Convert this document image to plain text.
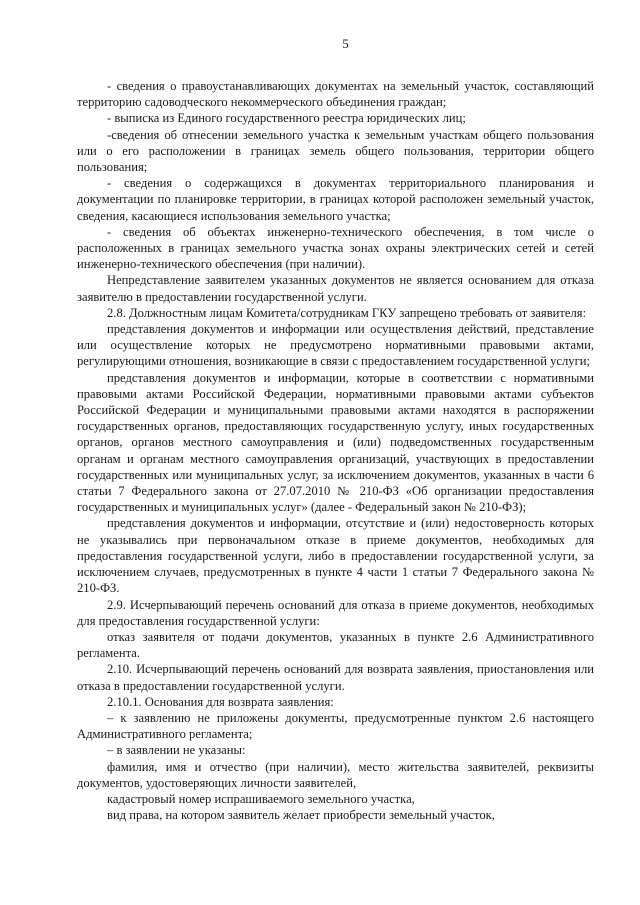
5

- сведения о правоустанавливающих документах на земельный участок, составляющий территорию садоводческого некоммерческого объединения граждан;

- выписка из Единого государственного реестра юридических лиц;

-сведения об отнесении земельного участка к земельным участкам общего пользования или о его расположении в границах земель общего пользования, территории общего пользования;

- сведения о содержащихся в документах территориального планирования и документации по планировке территории, в границах которой расположен земельный участок, сведения, касающиеся использования земельного участка;

- сведения об объектах инженерно-технического обеспечения, в том числе о расположенных в границах земельного участка зонах охраны электрических сетей и сетей инженерно-технического обеспечения (при наличии).

Непредставление заявителем указанных документов не является основанием для отказа заявителю в предоставлении государственной услуги.

2.8. Должностным лицам Комитета/сотрудникам ГКУ запрещено требовать от заявителя:

представления документов и информации или осуществления действий, представление или осуществление которых не предусмотрено нормативными правовыми актами, регулирующими отношения, возникающие в связи с предоставлением государственной услуги;

представления документов и информации, которые в соответствии с нормативными правовыми актами Российской Федерации, нормативными правовыми актами субъектов Российской Федерации и муниципальными правовыми актами находятся в распоряжении государственных органов, предоставляющих государственную услугу, иных государственных органов, органов местного самоуправления и (или) подведомственных государственным органам и органам местного самоуправления организаций, участвующих в предоставлении государственных или муниципальных услуг, за исключением документов, указанных в части 6 статьи 7 Федерального закона от 27.07.2010 № 210-ФЗ «Об организации предоставления государственных и муниципальных услуг» (далее - Федеральный закон № 210-ФЗ);

представления документов и информации, отсутствие и (или) недостоверность которых не указывались при первоначальном отказе в приеме документов, необходимых для предоставления государственной услуги, либо в предоставлении государственной услуги, за исключением случаев, предусмотренных в пункте 4 части 1 статьи 7 Федерального закона № 210-ФЗ.

2.9. Исчерпывающий перечень оснований для отказа в приеме документов, необходимых для предоставления государственной услуги:

отказ заявителя от подачи документов, указанных в пункте 2.6 Административного регламента.

2.10. Исчерпывающий перечень оснований для возврата заявления, приостановления или отказа в предоставлении государственной услуги.

2.10.1. Основания для возврата заявления:

– к заявлению не приложены документы, предусмотренные пунктом 2.6 настоящего Административного регламента;

– в заявлении не указаны:

фамилия, имя и отчество (при наличии), место жительства заявителей, реквизиты документов, удостоверяющих личности заявителей,

кадастровый номер испрашиваемого земельного участка,

вид права, на котором заявитель желает приобрести земельный участок,
